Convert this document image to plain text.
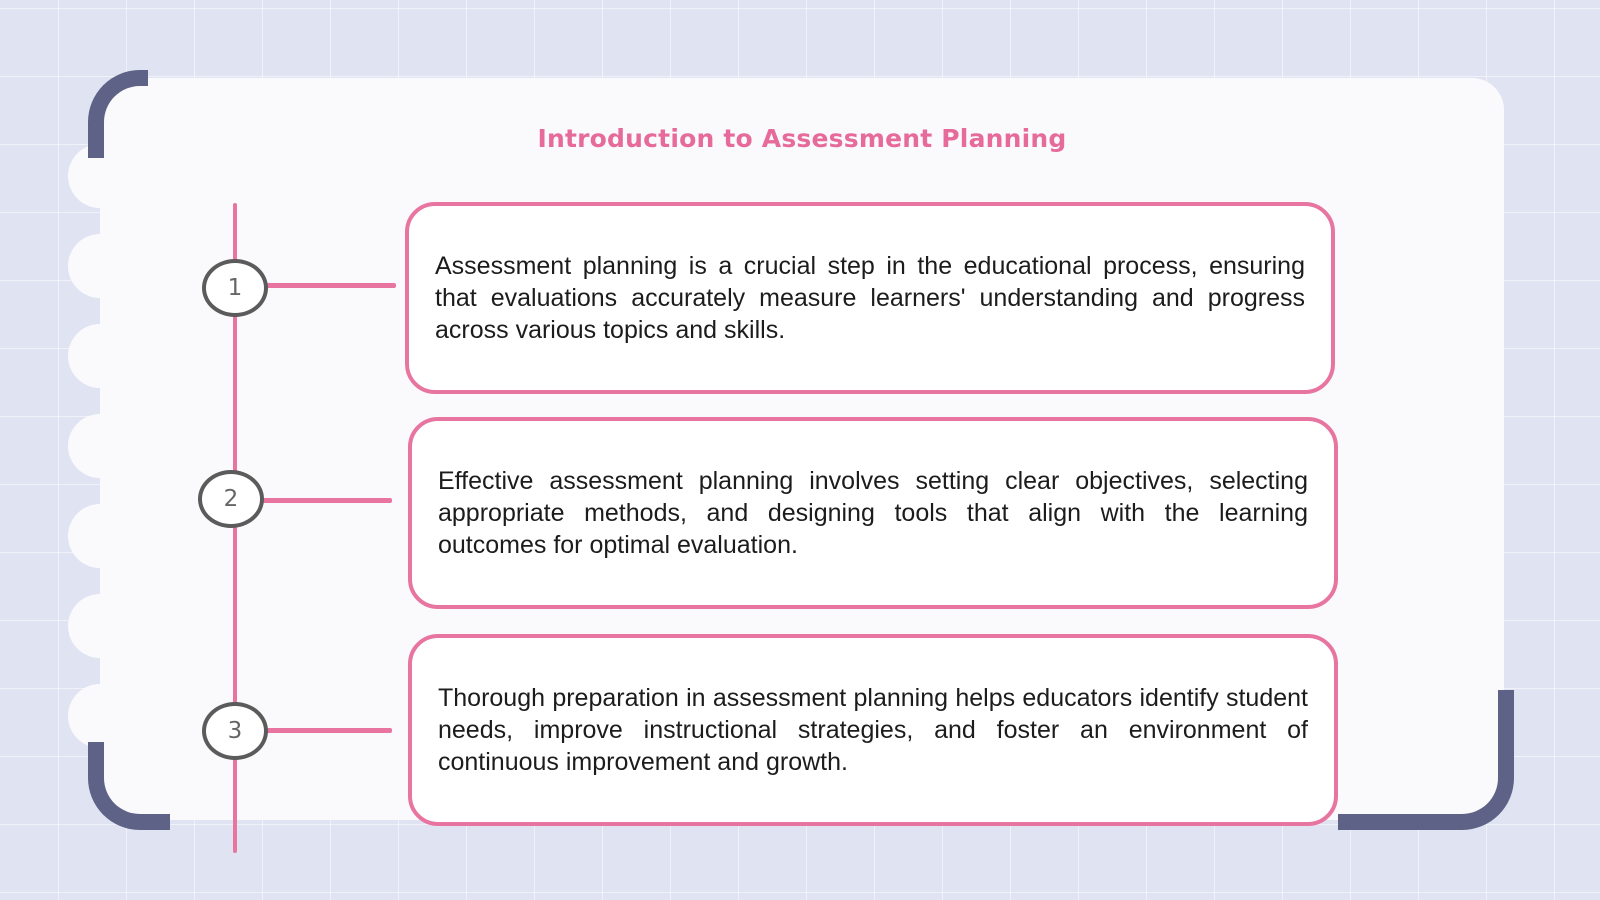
Introduction to Assessment Planning
1

Assessment planning is a crucial step in the educational process, ensuring that evaluations accurately measure learners' understanding and progress across various topics and skills.

2

Effective assessment planning involves setting clear objectives, selecting appropriate methods, and designing tools that align with the learning outcomes for optimal evaluation.

3

Thorough preparation in assessment planning helps educators identify student needs, improve instructional strategies, and foster an environment of continuous improvement and growth.
